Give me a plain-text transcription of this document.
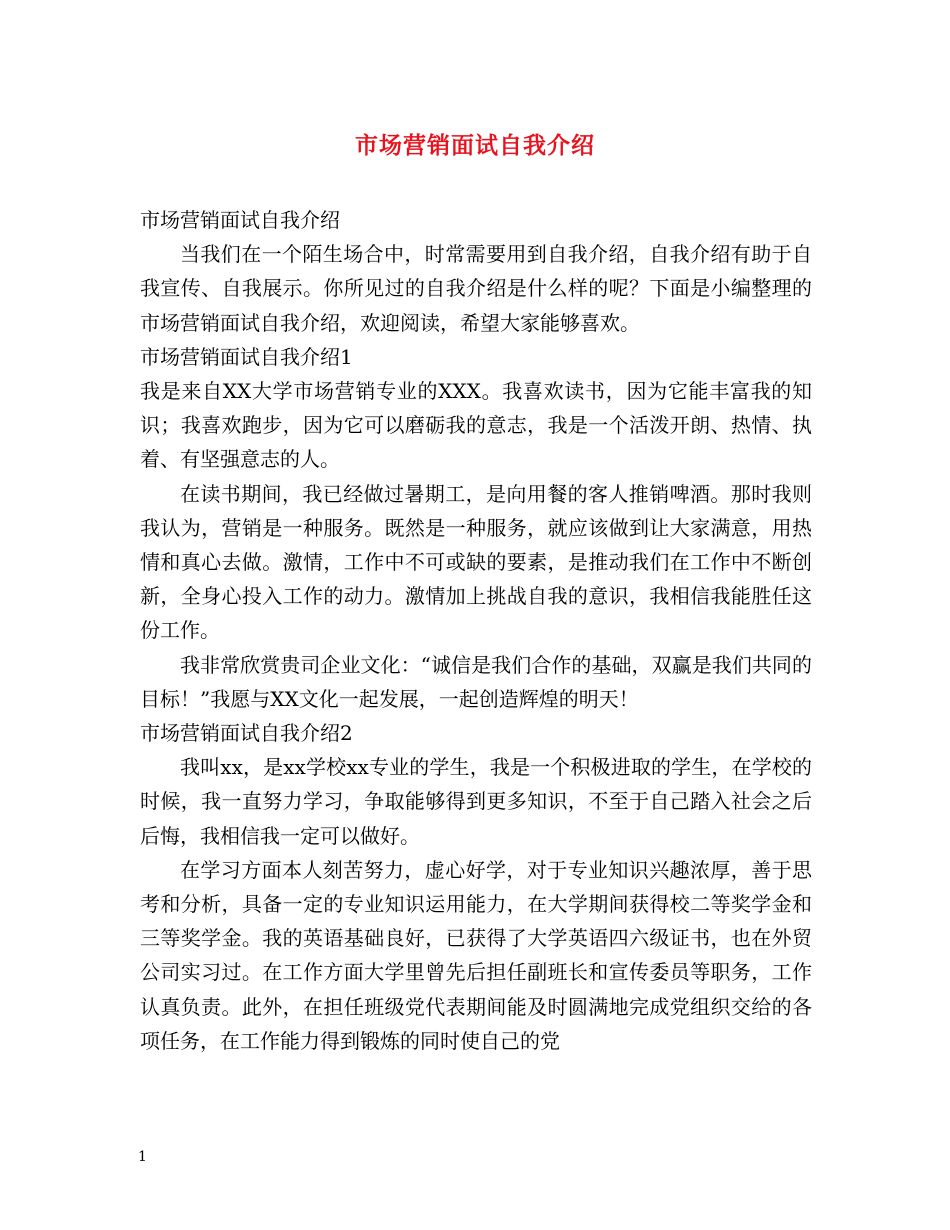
市场营销面试自我介绍

市场营销面试自我介绍

当我们在一个陌生场合中，时常需要用到自我介绍，自我介绍有助于自我宣传、自我展示。你所见过的自我介绍是什么样的呢？下面是小编整理的市场营销面试自我介绍，欢迎阅读，希望大家能够喜欢。

市场营销面试自我介绍1

我是来自XX大学市场营销专业的XXX。我喜欢读书，因为它能丰富我的知识；我喜欢跑步，因为它可以磨砺我的意志，我是一个活泼开朗、热情、执着、有坚强意志的人。

在读书期间，我已经做过暑期工，是向用餐的客人推销啤酒。那时我则我认为，营销是一种服务。既然是一种服务，就应该做到让大家满意，用热情和真心去做。激情，工作中不可或缺的要素，是推动我们在工作中不断创新，全身心投入工作的动力。激情加上挑战自我的意识，我相信我能胜任这份工作。

我非常欣赏贵司企业文化：“诚信是我们合作的基础，双赢是我们共同的目标！”我愿与XX文化一起发展，一起创造辉煌的明天！

市场营销面试自我介绍2

我叫xx，是xx学校xx专业的学生，我是一个积极进取的学生，在学校的时候，我一直努力学习，争取能够得到更多知识，不至于自己踏入社会之后后悔，我相信我一定可以做好。

在学习方面本人刻苦努力，虚心好学，对于专业知识兴趣浓厚，善于思考和分析，具备一定的专业知识运用能力，在大学期间获得校二等奖学金和三等奖学金。我的英语基础良好，已获得了大学英语四六级证书，也在外贸公司实习过。在工作方面大学里曾先后担任副班长和宣传委员等职务，工作认真负责。此外，在担任班级党代表期间能及时圆满地完成党组织交给的各项任务，在工作能力得到锻炼的同时使自己的党

1
